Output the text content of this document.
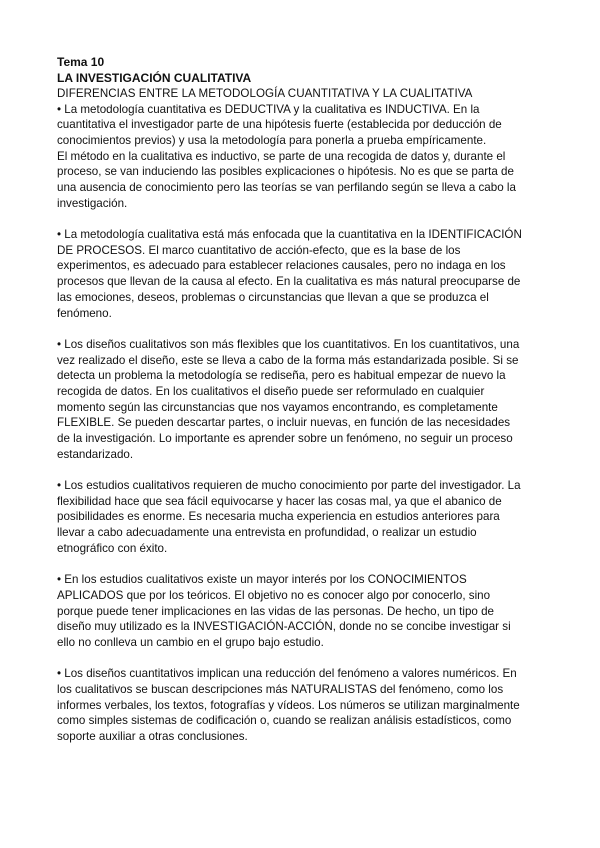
Tema 10

LA INVESTIGACIÓN CUALITATIVA

DIFERENCIAS ENTRE LA METODOLOGÍA CUANTITATIVA Y LA CUALITATIVA

• La metodología cuantitativa es DEDUCTIVA y la cualitativa es INDUCTIVA. En la
cuantitativa el investigador parte de una hipótesis fuerte (establecida por deducción de
conocimientos previos) y usa la metodología para ponerla a prueba empíricamente.
El método en la cualitativa es inductivo, se parte de una recogida de datos y, durante el
proceso, se van induciendo las posibles explicaciones o hipótesis. No es que se parta de
una ausencia de conocimiento pero las teorías se van perfilando según se lleva a cabo la
investigación.
• La metodología cualitativa está más enfocada que la cuantitativa en la IDENTIFICACIÓN
DE PROCESOS. El marco cuantitativo de acción-efecto, que es la base de los
experimentos, es adecuado para establecer relaciones causales, pero no indaga en los
procesos que llevan de la causa al efecto. En la cualitativa es más natural preocuparse de
las emociones, deseos, problemas o circunstancias que llevan a que se produzca el
fenómeno.
• Los diseños cualitativos son más flexibles que los cuantitativos. En los cuantitativos, una
vez realizado el diseño, este se lleva a cabo de la forma más estandarizada posible. Si se
detecta un problema la metodología se rediseña, pero es habitual empezar de nuevo la
recogida de datos. En los cualitativos el diseño puede ser reformulado en cualquier
momento según las circunstancias que nos vayamos encontrando, es completamente
FLEXIBLE. Se pueden descartar partes, o incluir nuevas, en función de las necesidades
de la investigación. Lo importante es aprender sobre un fenómeno, no seguir un proceso
estandarizado.
• Los estudios cualitativos requieren de mucho conocimiento por parte del investigador. La
flexibilidad hace que sea fácil equivocarse y hacer las cosas mal, ya que el abanico de
posibilidades es enorme. Es necesaria mucha experiencia en estudios anteriores para
llevar a cabo adecuadamente una entrevista en profundidad, o realizar un estudio
etnográfico con éxito.
• En los estudios cualitativos existe un mayor interés por los CONOCIMIENTOS
APLICADOS que por los teóricos. El objetivo no es conocer algo por conocerlo, sino
porque puede tener implicaciones en las vidas de las personas. De hecho, un tipo de
diseño muy utilizado es la INVESTIGACIÓN-ACCIÓN, donde no se concibe investigar si
ello no conlleva un cambio en el grupo bajo estudio.
• Los diseños cuantitativos implican una reducción del fenómeno a valores numéricos. En
los cualitativos se buscan descripciones más NATURALISTAS del fenómeno, como los
informes verbales, los textos, fotografías y vídeos. Los números se utilizan marginalmente
como simples sistemas de codificación o, cuando se realizan análisis estadísticos, como
soporte auxiliar a otras conclusiones.
